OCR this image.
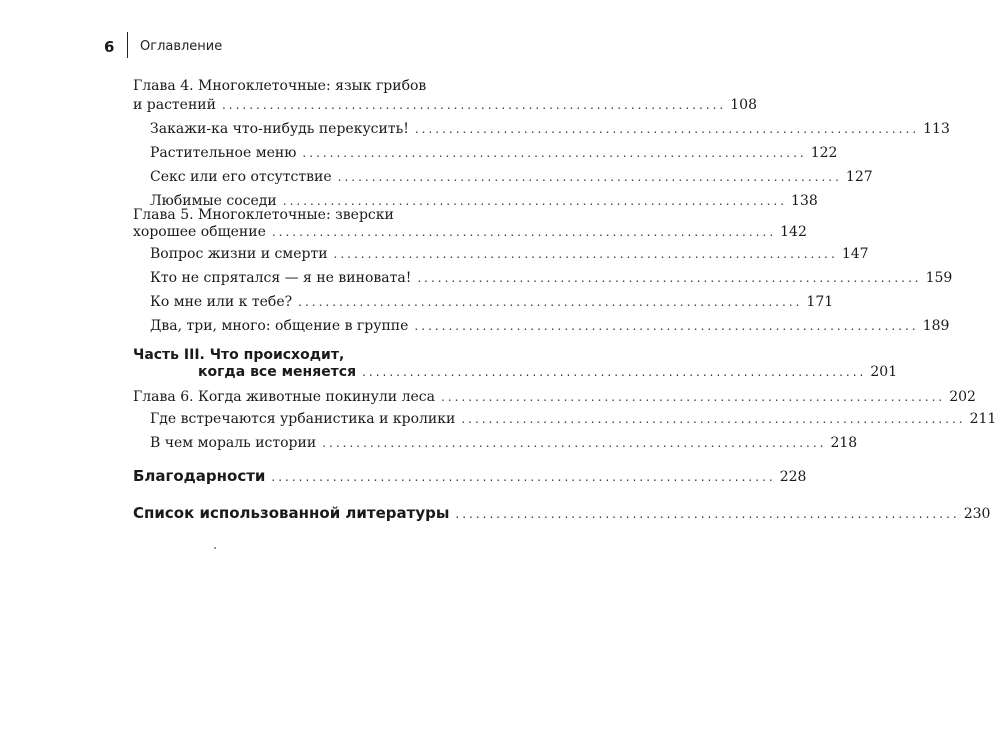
6 Оглавление
Глава 4. Многоклеточные: язык грибов
и растений .......................................................................... 108
Закажи-ка что-нибудь перекусить! .......................................................................... 113
Растительное меню .......................................................................... 122
Секс или его отсутствие .......................................................................... 127
Любимые соседи .......................................................................... 138
Глава 5. Многоклеточные: зверски
хорошее общение .......................................................................... 142
Вопрос жизни и смерти .......................................................................... 147
Кто не спрятался — я не виновата! .......................................................................... 159
Ко мне или к тебе? .......................................................................... 171
Два, три, много: общение в группе .......................................................................... 189
Часть III. Что происходит,
когда все меняется .......................................................................... 201
Глава 6. Когда животные покинули леса .......................................................................... 202
Где встречаются урбанистика и кролики .......................................................................... 211
В чем мораль истории .......................................................................... 218
Благодарности .......................................................................... 228
Список использованной литературы .......................................................................... 230
